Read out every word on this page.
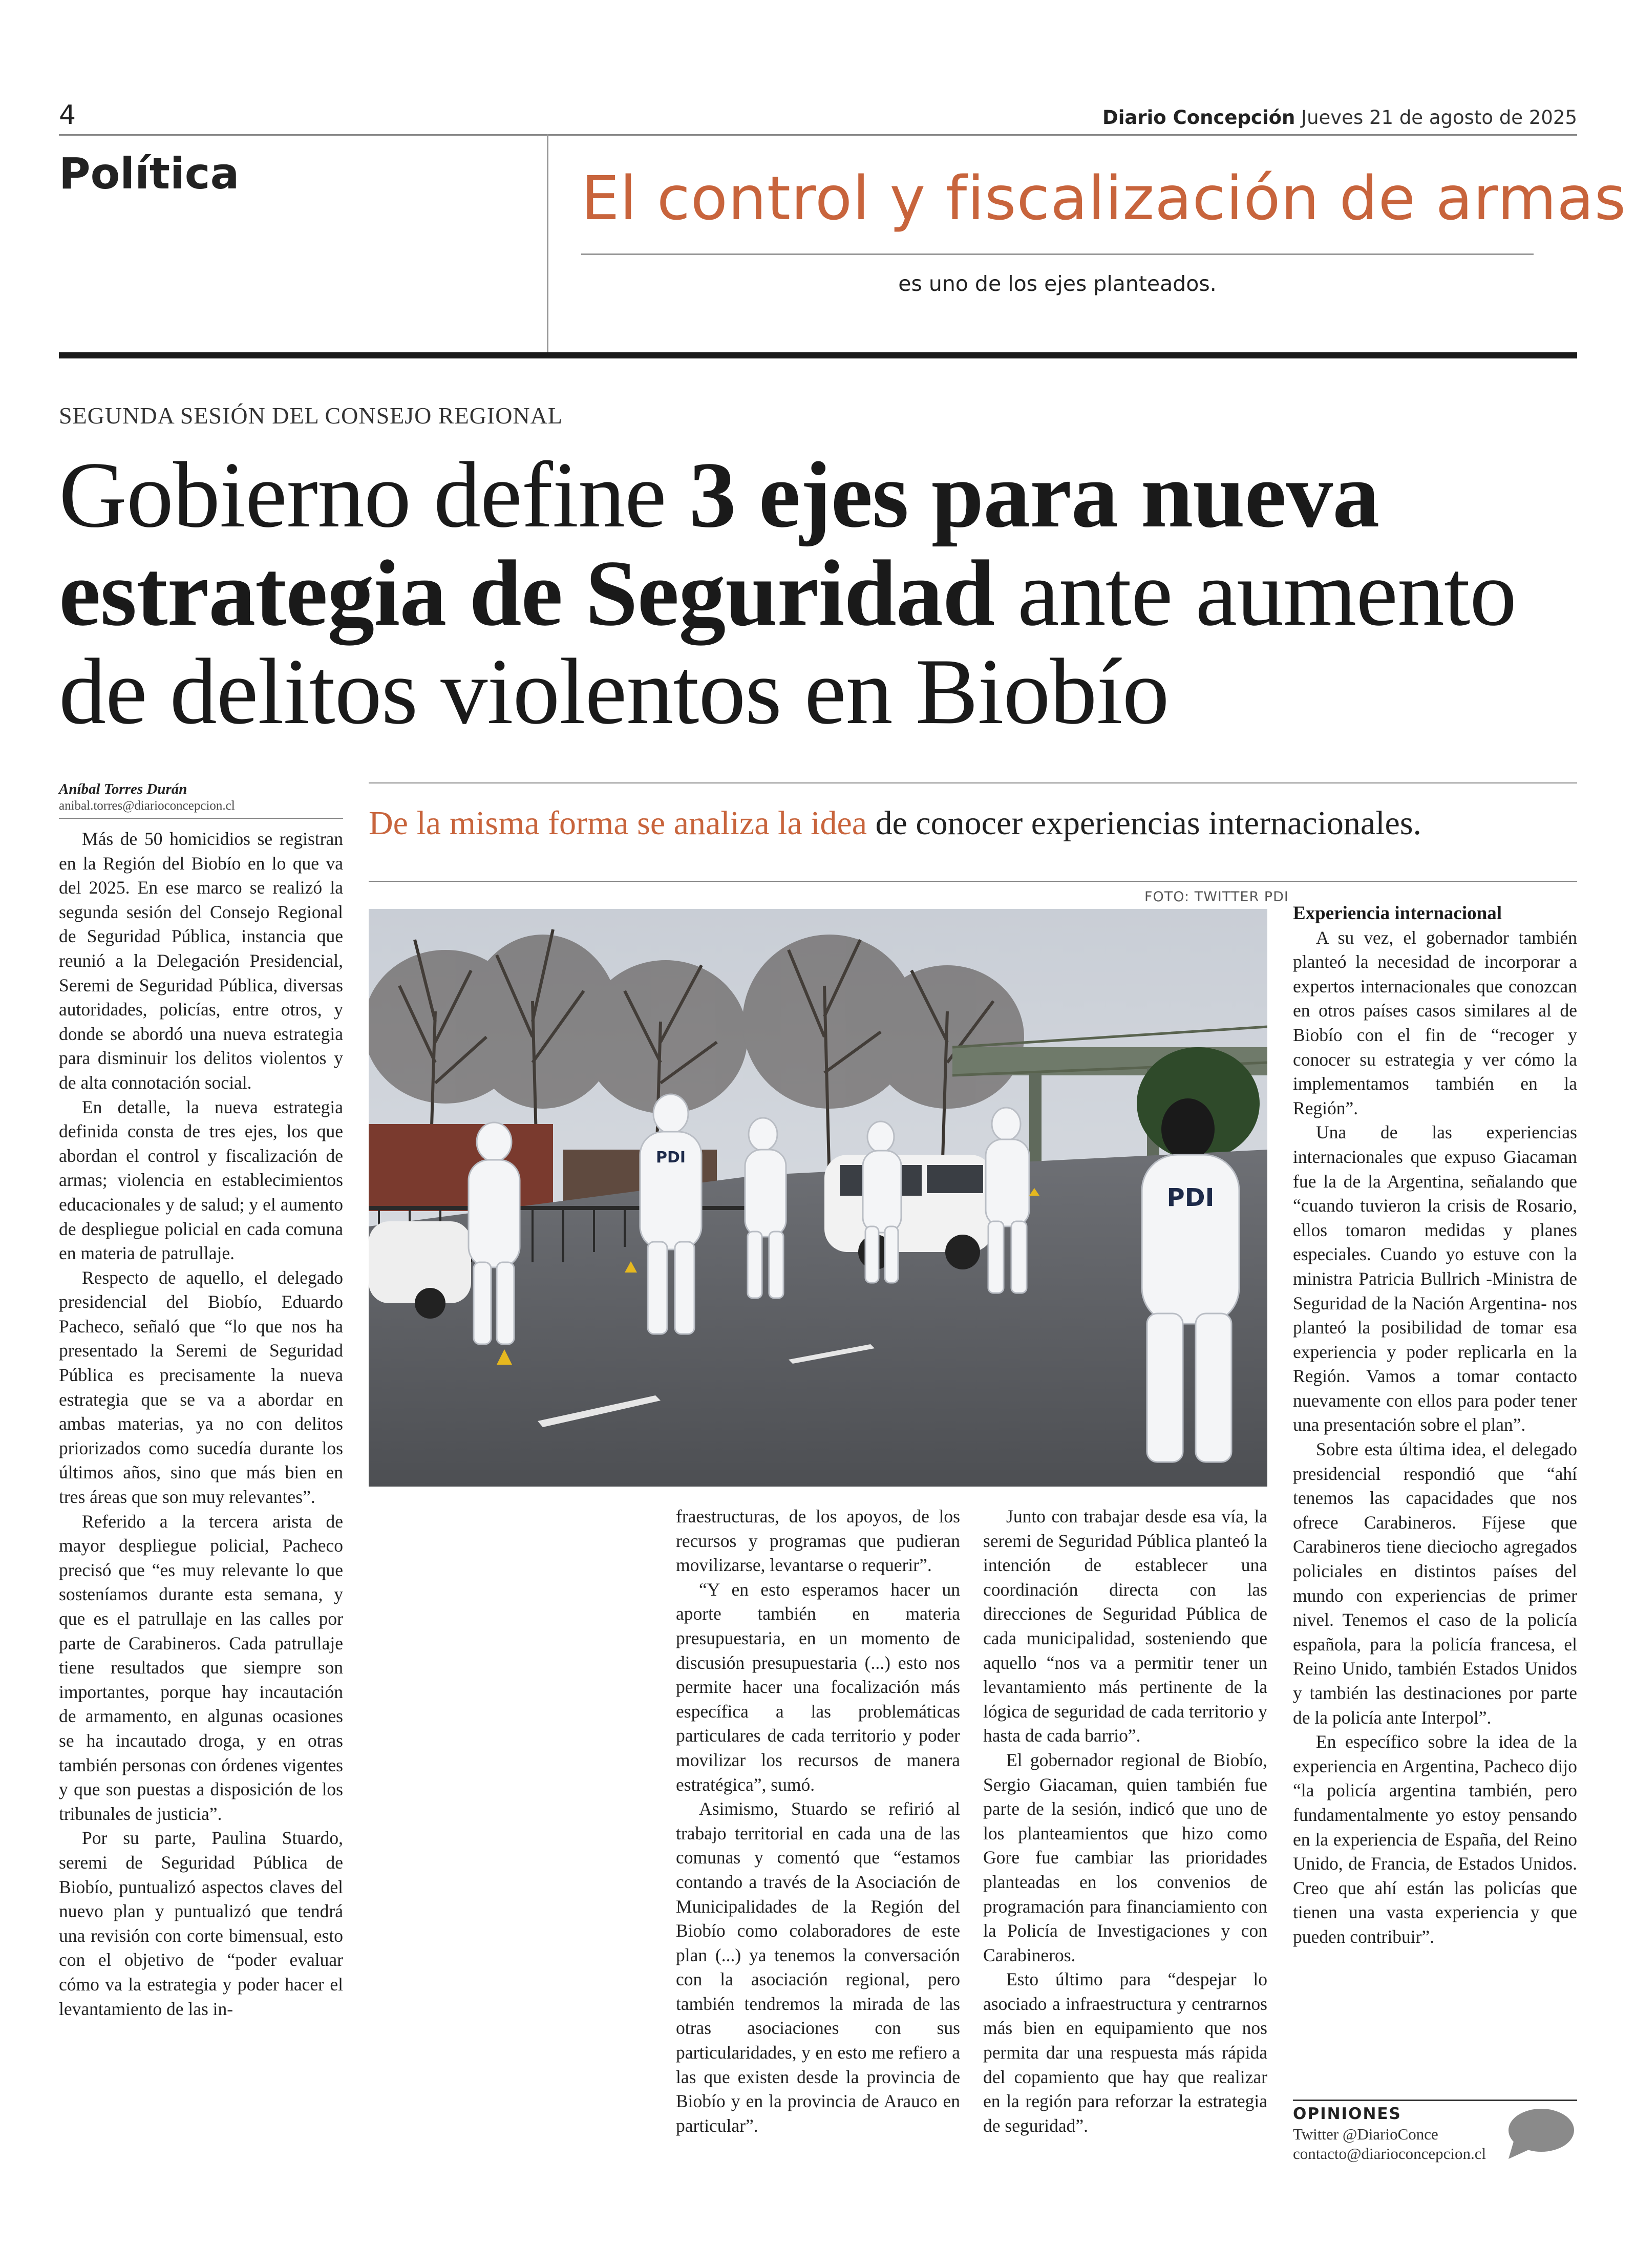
4	Diario Concepción Jueves 21 de agosto de 2025
Política	El control y fiscalización de armas
es uno de los ejes planteados.
SEGUNDA SESIÓN DEL CONSEJO REGIONAL
Gobierno define 3 ejes para nueva estrategia de Seguridad ante aumento de delitos violentos en Biobío
Aníbal Torres Durán
anibal.torres@diarioconcepcion.cl	De la misma forma se analiza la idea de conocer experiencias internacionales.

Más de 50 homicidios se registran en la Región del Biobío en lo que va del 2025. En ese marco se realizó la segunda sesión del Consejo Regional de Seguridad Pública, instancia que reunió a la Delegación Presidencial, Seremi de Seguridad Pública, diversas autoridades, policías, entre otros, y donde se abordó una nueva estrategia para disminuir los delitos violentos y de alta connotación social.

En detalle, la nueva estrategia definida consta de tres ejes, los que abordan el control y fiscalización de armas; violencia en establecimientos educacionales y de salud; y el aumento de despliegue policial en cada comuna en materia de patrullaje.

Respecto de aquello, el delegado presidencial del Biobío, Eduardo Pacheco, señaló que “lo que nos ha presentado la Seremi de Seguridad Pública es precisamente la nueva estrategia que se va a abordar en ambas materias, ya no con delitos priorizados como sucedía durante los últimos años, sino que más bien en tres áreas que son muy relevantes”.

Referido a la tercera arista de mayor despliegue policial, Pacheco precisó que “es muy relevante lo que sosteníamos durante esta semana, y que es el patrullaje en las calles por parte de Carabineros. Cada patrullaje tiene resultados que siempre son importantes, porque hay incautación de armamento, en algunas ocasiones se ha incautado droga, y en otras también personas con órdenes vigentes y que son puestas a disposición de los tribunales de justicia”.

Por su parte, Paulina Stuardo, seremi de Seguridad Pública de Biobío, puntualizó aspectos claves del nuevo plan y puntualizó que tendrá una revisión con corte bimensual, esto con el objetivo de “poder evaluar cómo va la estrategia y poder hacer el levantamiento de las in-

FOTO: TWITTER PDI
PDI
PDI

fraestructuras, de los apoyos, de los recursos y programas que pudieran movilizarse, levantarse o requerir”.

“Y en esto esperamos hacer un aporte también en materia presupuestaria, en un momento de discusión presupuestaria (...) esto nos permite hacer una focalización más específica a las problemáticas particulares de cada territorio y poder movilizar los recursos de manera estratégica”, sumó.

Asimismo, Stuardo se refirió al trabajo territorial en cada una de las comunas y comentó que “estamos contando a través de la Asociación de Municipalidades de la Región del Biobío como colaboradores de este plan (...) ya tenemos la conversación con la asociación regional, pero también tendremos la mirada de las otras asociaciones con sus particularidades, y en esto me refiero a las que existen desde la provincia de Biobío y en la provincia de Arauco en particular”.

Junto con trabajar desde esa vía, la seremi de Seguridad Pública planteó la intención de establecer una coordinación directa con las direcciones de Seguridad Pública de cada municipalidad, sosteniendo que aquello “nos va a permitir tener un levantamiento más pertinente de la lógica de seguridad de cada territorio y hasta de cada barrio”.

El gobernador regional de Biobío, Sergio Giacaman, quien también fue parte de la sesión, indicó que uno de los planteamientos que hizo como Gore fue cambiar las prioridades planteadas en los convenios de programación para financiamiento con la Policía de Investigaciones y con Carabineros.

Esto último para “despejar lo asociado a infraestructura y centrarnos más bien en equipamiento que nos permita dar una respuesta más rápida del copamiento que hay que realizar en la región para reforzar la estrategia de seguridad”.

Experiencia internacional

A su vez, el gobernador también planteó la necesidad de incorporar a expertos internacionales que conozcan en otros países casos similares al de Biobío con el fin de “recoger y conocer su estrategia y ver cómo la implementamos también en la Región”.

Una de las experiencias internacionales que expuso Giacaman fue la de la Argentina, señalando que “cuando tuvieron la crisis de Rosario, ellos tomaron medidas y planes especiales. Cuando yo estuve con la ministra Patricia Bullrich -Ministra de Seguridad de la Nación Argentina- nos planteó la posibilidad de tomar esa experiencia y poder replicarla en la Región. Vamos a tomar contacto nuevamente con ellos para poder tener una presentación sobre el plan”.

Sobre esta última idea, el delegado presidencial respondió que “ahí tenemos las capacidades que nos ofrece Carabineros. Fíjese que Carabineros tiene dieciocho agregados policiales en distintos países del mundo con experiencias de primer nivel. Tenemos el caso de la policía española, para la policía francesa, el Reino Unido, también Estados Unidos y también las destinaciones por parte de la policía ante Interpol”.

En específico sobre la idea de la experiencia en Argentina, Pacheco dijo “la policía argentina también, pero fundamentalmente yo estoy pensando en la experiencia de España, del Reino Unido, de Francia, de Estados Unidos. Creo que ahí están las policías que tienen una vasta experiencia y que pueden contribuir”.

OPINIONES
Twitter @DiarioConce
contacto@diarioconcepcion.cl
